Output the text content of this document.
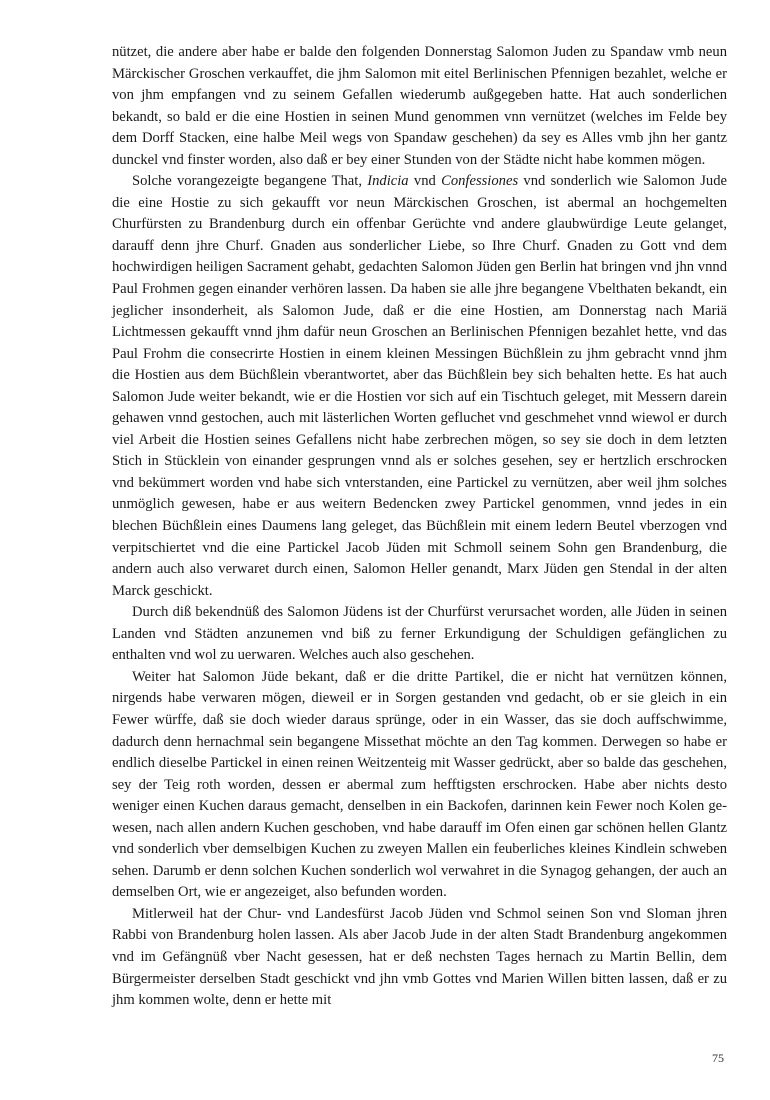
nützet, die andere aber habe er balde den folgenden Donnerstag Salomon Juden zu Spandaw vmb neun Märckischer Groschen verkauffet, die jhm Salomon mit eitel Berlinischen Pfennigen bezahlet, welche er von jhm empfangen vnd zu seinem Gefallen wiederumb außgegeben hatte. Hat auch sonderlichen bekandt, so bald er die eine Hostien in seinen Mund genommen vnn vernützet (welches im Felde bey dem Dorff Stacken, eine halbe Meil wegs von Spandaw geschehen) da sey es Alles vmb jhn her gantz dunckel vnd finster worden, also daß er bey einer Stunden von der Städte nicht habe kommen mögen.

Solche vorangezeigte begangene That, Indicia vnd Confessiones vnd sonderlich wie Salomon Jude die eine Hostie zu sich gekaufft vor neun Märckischen Groschen, ist abermal an hochgemelten Churfürsten zu Brandenburg durch ein offenbar Gerüchte vnd andere glaubwürdige Leute gelanget, darauff denn jhre Churf. Gnaden aus sonderlicher Liebe, so Ihre Churf. Gnaden zu Gott vnd dem hochwirdigen heiligen Sacrament gehabt, gedachten Salomon Jüden gen Berlin hat bringen vnd jhn vnnd Paul Frohmen gegen einander verhören lassen. Da haben sie alle jhre begangene Vbelthaten bekandt, ein jeglicher insonderheit, als Salomon Jude, daß er die eine Hostien, am Donnerstag nach Mariä Lichtmessen gekaufft vnnd jhm dafür neun Groschen an Berlinischen Pfennigen bezahlet hette, vnd das Paul Frohm die consecrirte Hostien in einem kleinen Messingen Büchßlein zu jhm gebracht vnnd jhm die Hostien aus dem Büchßlein vberantwortet, aber das Büchßlein bey sich behalten hette. Es hat auch Salomon Jude weiter bekandt, wie er die Hostien vor sich auf ein Tischtuch geleget, mit Messern darein gehawen vnnd gestochen, auch mit lästerlichen Worten gefluchet vnd geschmehet vnnd wiewol er durch viel Arbeit die Hostien seines Gefallens nicht habe zerbrechen mögen, so sey sie doch in dem letzten Stich in Stücklein von einander gesprungen vnnd als er solches gesehen, sey er hertzlich erschrocken vnd bekümmert worden vnd habe sich vnterstanden, eine Partickel zu vernützen, aber weil jhm solches unmöglich gewesen, habe er aus weitern Bedencken zwey Partickel genommen, vnnd jedes in ein blechen Büchßlein eines Daumens lang geleget, das Büchßlein mit einem ledern Beutel vberzogen vnd verpitschiertet vnd die eine Partickel Jacob Jüden mit Schmoll seinem Sohn gen Brandenburg, die andern auch also verwaret durch einen, Salomon Heller genandt, Marx Jüden gen Stendal in der alten Marck geschickt.

Durch diß bekendnüß des Salomon Jüdens ist der Churfürst verursachet worden, alle Jüden in seinen Landen vnd Städten anzunemen vnd biß zu ferner Erkundigung der Schuldigen gefänglichen zu enthalten vnd wol zu uerwaren. Welches auch also geschehen.

Weiter hat Salomon Jüde bekant, daß er die dritte Partikel, die er nicht hat vernützen können, nirgends habe verwaren mögen, dieweil er in Sorgen gestanden vnd gedacht, ob er sie gleich in ein Fewer würffe, daß sie doch wieder daraus sprünge, oder in ein Wasser, das sie doch auffschwimme, dadurch denn hernachmal sein begangene Missethat möchte an den Tag kommen. Derwegen so habe er endlich dieselbe Partickel in einen reinen Weitzenteig mit Wasser gedrückt, aber so balde das geschehen, sey der Teig roth worden, dessen er abermal zum hefftigsten erschrocken. Habe aber nichts desto weniger einen Kuchen daraus gemacht, denselben in ein Backofen, darinnen kein Fewer noch Kolen gewesen, nach allen andern Kuchen geschoben, vnd habe darauff im Ofen einen gar schönen hellen Glantz vnd sonderlich vber demselbigen Kuchen zu zweyen Mallen ein feuberliches kleines Kindlein schweben sehen. Darumb er denn solchen Kuchen sonderlich wol verwahret in die Synagog gehangen, der auch an demselben Ort, wie er angezeiget, also befunden worden.

Mitlerweil hat der Chur- vnd Landesfürst Jacob Jüden vnd Schmol seinen Son vnd Sloman jhren Rabbi von Brandenburg holen lassen. Als aber Jacob Jude in der alten Stadt Brandenburg angekommen vnd im Gefängnüß vber Nacht gesessen, hat er deß nechsten Tages hernach zu Martin Bellin, dem Bürgermeister derselben Stadt geschickt vnd jhn vmb Gottes vnd Marien Willen bitten lassen, daß er zu jhm kommen wolte, denn er hette mit

75
